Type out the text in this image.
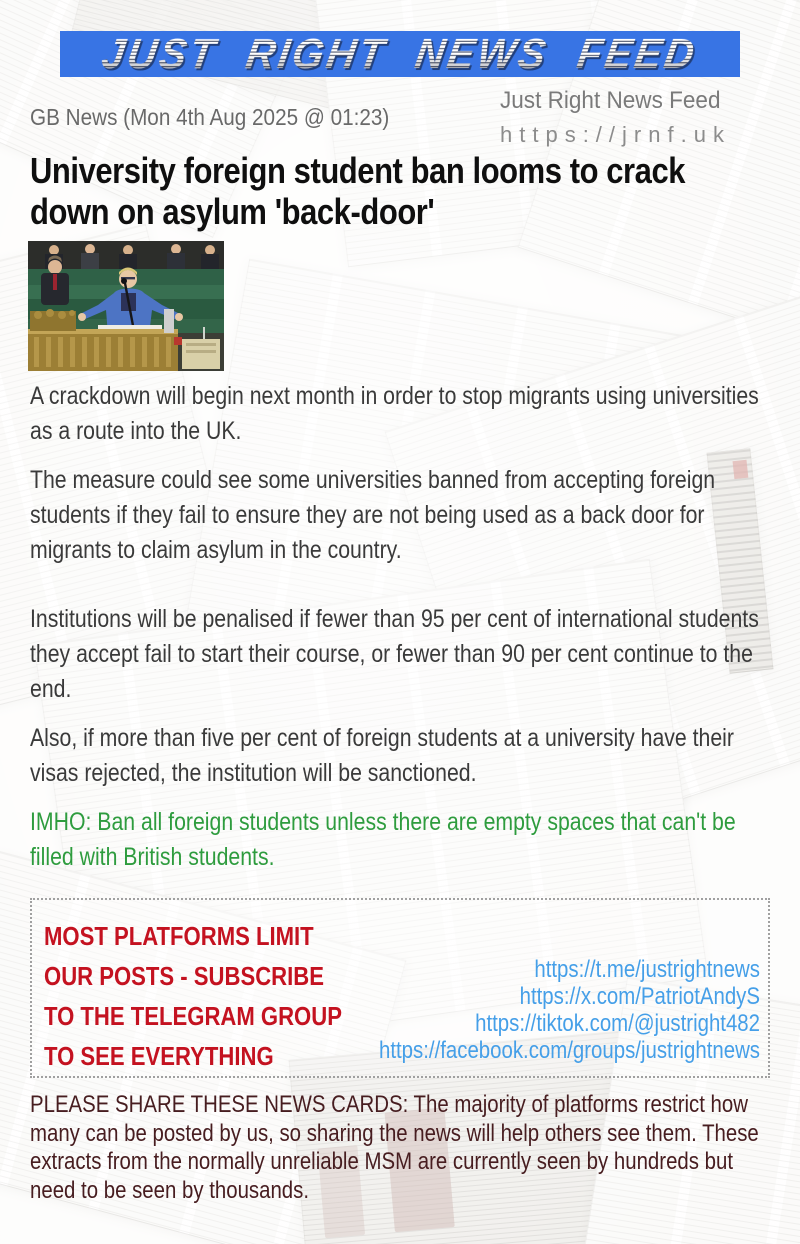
JUST RIGHT NEWS FEED
GB News (Mon 4th Aug 2025 @ 01:23)
Just Right News Feed
https://jrnf.uk
University foreign student ban looms to crack down on asylum 'back-door'

A crackdown will begin next month in order to stop migrants using universities as a route into the UK.

The measure could see some universities banned from accepting foreign students if they fail to ensure they are not being used as a back door for migrants to claim asylum in the country.

Institutions will be penalised if fewer than 95 per cent of international students they accept fail to start their course, or fewer than 90 per cent continue to the end.

Also, if more than five per cent of foreign students at a university have their visas rejected, the institution will be sanctioned.

IMHO: Ban all foreign students unless there are empty spaces that can't be filled with British students.

MOST PLATFORMS LIMIT
OUR POSTS - SUBSCRIBE
TO THE TELEGRAM GROUP
TO SEE EVERYTHING
https://t.me/justrightnews
https://x.com/PatriotAndyS
https://tiktok.com/@justright482
https://facebook.com/groups/justrightnews
PLEASE SHARE THESE NEWS CARDS: The majority of platforms restrict how many can be posted by us, so sharing the news will help others see them. These extracts from the normally unreliable MSM are currently seen by hundreds but need to be seen by thousands.
